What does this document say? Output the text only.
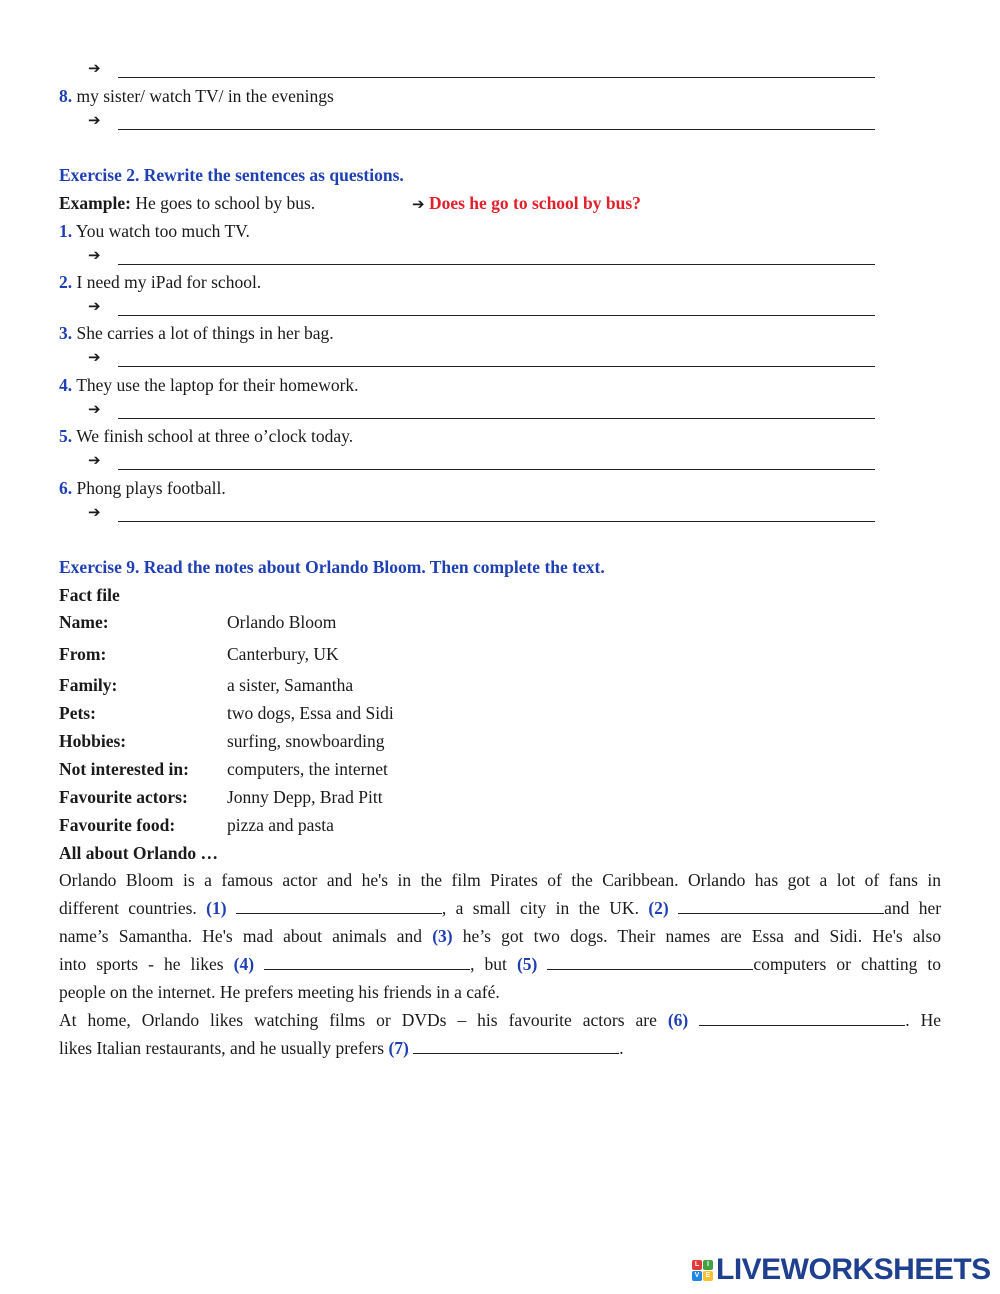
➔
8. my sister/ watch TV/ in the evenings
➔
Exercise 2. Rewrite the sentences as questions.
Example: He goes to school by bus.	➔ Does he go to school by bus?
1. You watch too much TV.
➔
2. I need my iPad for school.
➔
3. She carries a lot of things in her bag.
➔
4. They use the laptop for their homework.
➔
5. We finish school at three o’clock today.
➔
6. Phong plays football.
➔
Exercise 9. Read the notes about Orlando Bloom. Then complete the text.
Fact file
Name:	Orlando Bloom
From:	Canterbury, UK
Family:	a sister, Samantha
Pets:	two dogs, Essa and Sidi
Hobbies:	surfing, snowboarding
Not interested in: computers, the internet
Favourite actors: Jonny Depp, Brad Pitt
Favourite food:	pizza and pasta
All about Orlando …
Orlando Bloom is a famous actor and he's in the film Pirates of the Caribbean. Orlando has got a lot of fans in
different countries. (1)	, a small city in the UK. (2)	and her
name’s Samantha. He's mad about animals and (3) he’s got two dogs. Their names are Essa and Sidi. He's also
into sports - he likes (4)	, but (5)	computers or chatting to
people on the internet. He prefers meeting his friends in a café.
At home, Orlando likes watching films or DVDs – his favourite actors are (6)	. He
likes Italian restaurants, and he usually prefers (7)	.
L	I
V E LIVEWORKSHEETS
